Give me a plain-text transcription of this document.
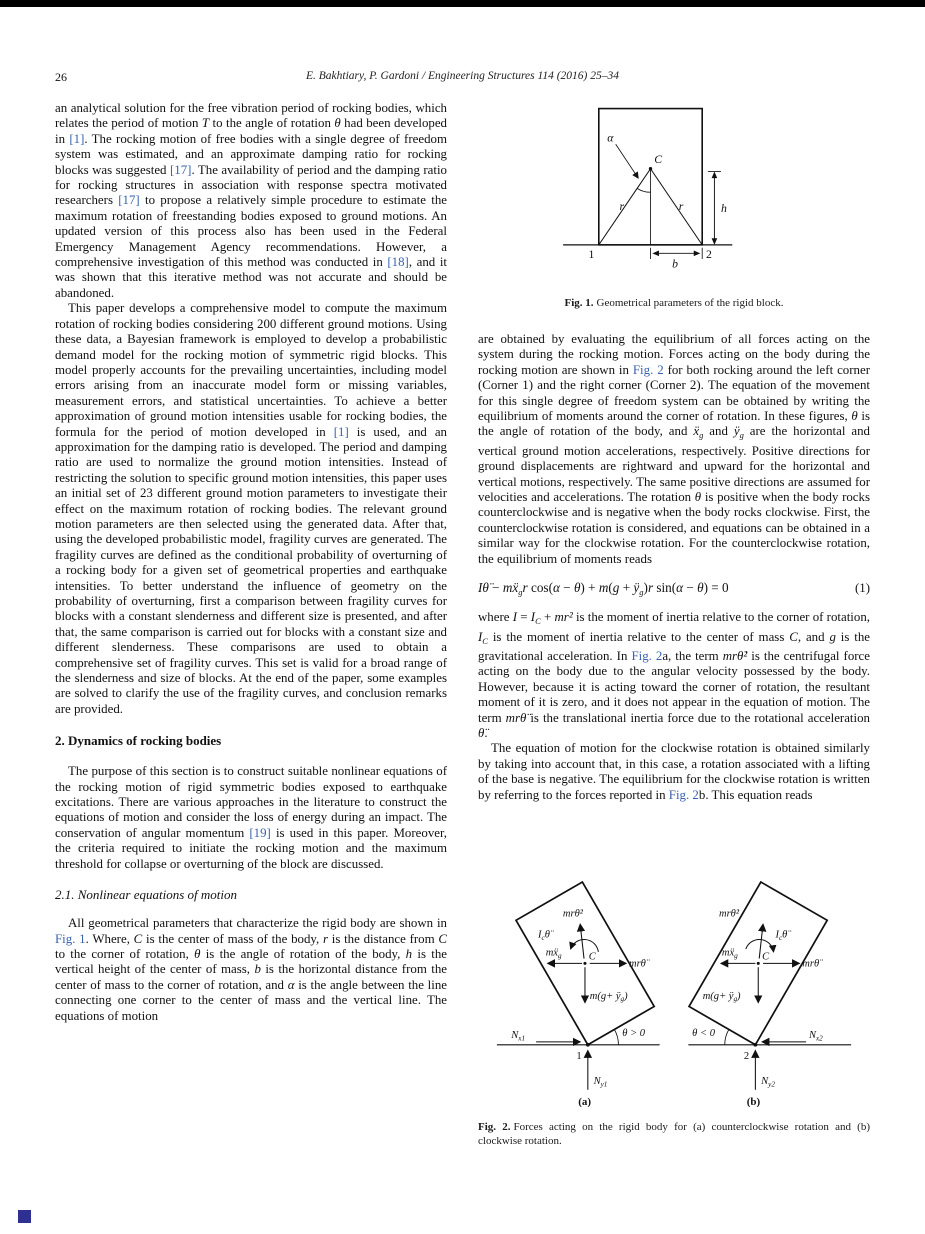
26	E. Bakhtiary, P. Gardoni / Engineering Structures 114 (2016) 25–34

an analytical solution for the free vibration period of rocking bodies, which relates the period of motion T to the angle of rotation θ had been developed in [1]. The rocking motion of free bodies with a single degree of freedom system was estimated, and an approximate damping ratio for rocking blocks was suggested [17]. The availability of period and the damping ratio for rocking structures in association with response spectra motivated researchers [17] to propose a relatively simple procedure to estimate the maximum rotation of freestanding bodies exposed to ground motions. An updated version of this process also has been used in the Federal Emergency Management Agency recommendations. However, a comprehensive investigation of this method was conducted in [18], and it was shown that this iterative method was not accurate and should be abandoned.

This paper develops a comprehensive model to compute the maximum rotation of rocking bodies considering 200 different ground motions. Using these data, a Bayesian framework is employed to develop a probabilistic demand model for the rocking motion of symmetric rigid blocks. This model properly accounts for the prevailing uncertainties, including model errors arising from an inaccurate model form or missing variables, measurement errors, and statistical uncertainties. To achieve a better approximation of ground motion intensities usable for rocking bodies, the formula for the period of motion developed in [1] is used, and an approximation for the damping ratio is developed. The period and damping ratio are used to normalize the ground motion intensities. Instead of restricting the solution to specific ground motion intensities, this paper uses an initial set of 23 different ground motion parameters to investigate their effect on the maximum rotation of rocking bodies. The relevant ground motion parameters are then selected using the generated data. After that, using the developed probabilistic model, fragility curves are generated. The fragility curves are defined as the conditional probability of overturning of a rocking body for a given set of geometrical properties and earthquake intensities. To better understand the influence of geometry on the probability of overturning, first a comparison between fragility curves for blocks with a constant slenderness and different size is presented, and after that, the same comparison is carried out for blocks with a constant size and different slenderness. These comparisons are used to obtain a comprehensive set of fragility curves. This set is valid for a broad range of the slenderness and size of blocks. At the end of the paper, some examples are solved to clarify the use of the fragility curves, and conclusion remarks are provided.

2. Dynamics of rocking bodies

The purpose of this section is to construct suitable nonlinear equations of the rocking motion of rigid symmetric bodies exposed to earthquake excitations. There are various approaches in the literature to construct the equations of motion and consider the loss of energy during an impact. The conservation of angular momentum [19] is used in this paper. Moreover, the criteria required to initiate the rocking motion and the maximum threshold for collapse or overturning of the block are discussed.

2.1. Nonlinear equations of motion

All geometrical parameters that characterize the rigid body are shown in Fig. 1. Where, C is the center of mass of the body, r is the distance from C to the corner of rotation, θ is the angle of rotation of the body, h is the vertical height of the center of mass, b is the horizontal distance from the center of mass to the corner of rotation, and α is the angle between the line connecting one corner to the center of mass and the vertical line. The equations of motion

C
α
r	r	h
b
1	2
Fig. 1. Geometrical parameters of the rigid block.

are obtained by evaluating the equilibrium of all forces acting on the system during the rocking motion. Forces acting on the body during the rocking motion are shown in Fig. 2 for both rocking around the left corner (Corner 1) and the right corner (Corner 2). The equation of the movement for this single degree of freedom system can be obtained by writing the equilibrium of moments around the corner of rotation. In these figures, θ is the angle of rotation of the body, and ẍ$_g$ and $ÿ_g$ are the horizontal and vertical ground motion accelerations, respectively. Positive directions for ground displacements are rightward and upward for the horizontal and vertical motions, respectively. The same positive directions are assumed for velocities and accelerations. The rotation θ is positive when the body rocks counterclockwise and is negative when the body rocks clockwise. First, the counterclockwise rotation is considered, and equations can be obtained in a similar way for the clockwise rotation. For the counterclockwise rotation, the equilibrium of moments reads

Iθ̈ − mẍ$_g$r $\cos(\alpha - \theta) + m(g + ÿ_g)r$ sin(α − θ) = 0	(1)

where $I = I_C + mr^2$ is the moment of inertia relative to the corner of rotation, $I_C$ is the moment of inertia relative to the center of mass C, and g is the gravitational acceleration. In Fig. 2a, the term mrθ̇² is the centrifugal force acting on the body due to the angular velocity possessed by the body. However, because it is acting toward the corner of rotation, the resultant moment of it is zero, and it does not appear in the equation of motion. The term mrθ̈ is the translational inertia force due to the rotational acceleration θ̈.

The equation of motion for the clockwise rotation is obtained similarly by taking into account that, in this case, a rotation associated with a lifting of the base is negative. The equilibrium for the clockwise rotation is written by referring to the forces reported in Fig. 2b. This equation reads

mrθ̇²
$I_c\thetä$
mẍ$_g$ C
mrθ̈
$m(g+ ÿ_g)$
θ > 0
$N_{x1}$
$N_{y1}$
1
(a)
mrθ̇²
$I_c\thetä$
mẍ$_g$ C
mrθ̈
$m(g+ ÿ_g)$
θ < 0	$N_{x2}$
$N_{y2}$
2
(b)
Fig. 2. Forces acting on the rigid body for (a) counterclockwise rotation and (b) clockwise rotation.
